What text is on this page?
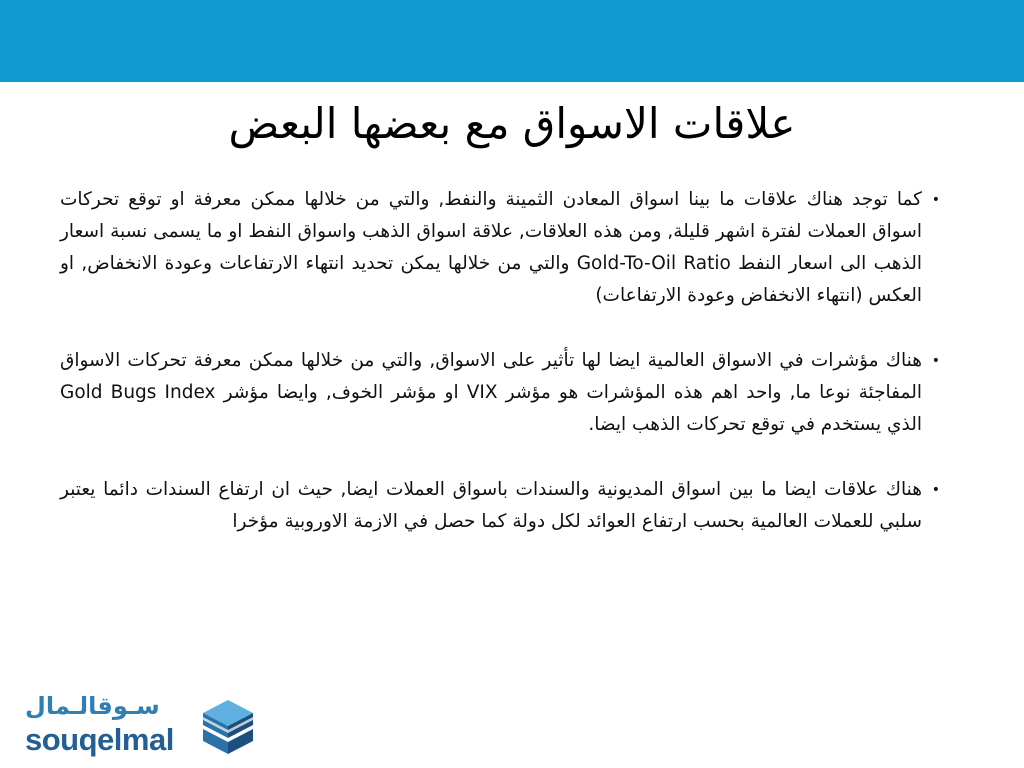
علاقات الاسواق مع بعضها البعض
•
كما توجد هناك علاقات ما بينا اسواق المعادن الثمينة والنفط, والتي من خلالها ممكن معرفة او توقع تحركات اسواق العملات لفترة اشهر قليلة, ومن هذه العلاقات, علاقة اسواق الذهب واسواق النفط او ما يسمى نسبة اسعار الذهب الى اسعار النفط Gold-To-Oil Ratio والتي من خلالها يمكن تحديد انتهاء الارتفاعات وعودة الانخفاض, او العكس (انتهاء الانخفاض وعودة الارتفاعات)
•
هناك مؤشرات في الاسواق العالمية ايضا لها تأثير على الاسواق, والتي من خلالها ممكن معرفة تحركات الاسواق المفاجئة نوعا ما, واحد اهم هذه المؤشرات هو مؤشر VIX او مؤشر الخوف, وايضا مؤشر Gold Bugs Index الذي يستخدم في توقع تحركات الذهب ايضا.
•
هناك علاقات ايضا ما بين اسواق المديونية والسندات باسواق العملات ايضا, حيث ان ارتفاع السندات دائما يعتبر سلبي للعملات العالمية بحسب ارتفاع العوائد لكل دولة كما حصل في الازمة الاوروبية مؤخرا
سـوقالـمال
souqelmal
